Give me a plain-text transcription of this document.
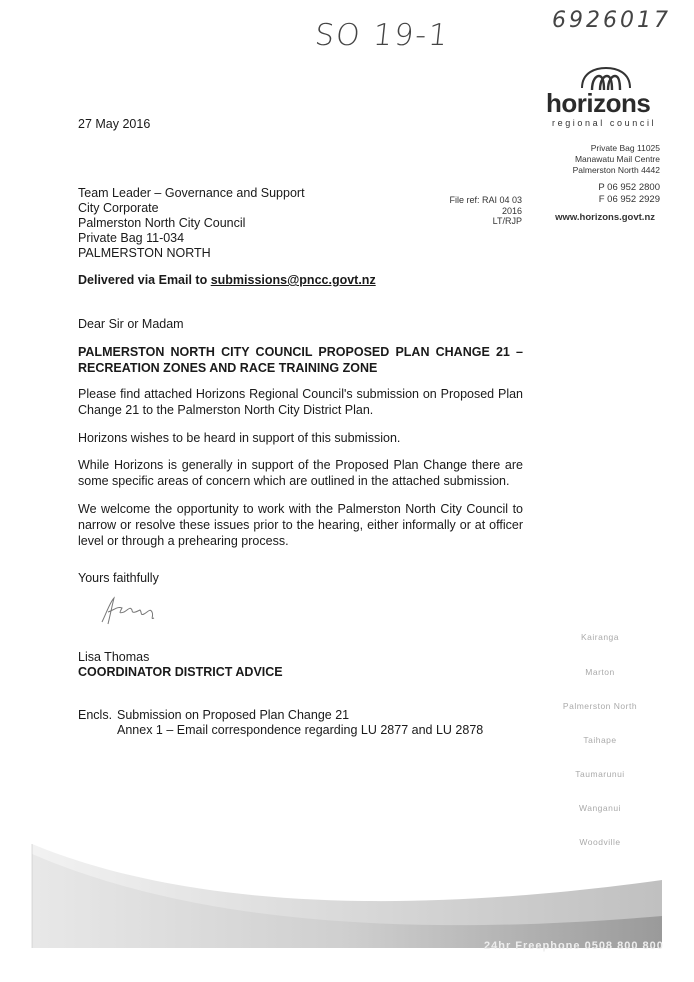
SO 19-1	6926017
horizons
regional council
Private Bag 11025
Manawatu Mail Centre
Palmerston North 4442
P 06 952 2800
F 06 952 2929
www.horizons.govt.nz
27 May 2016
Team Leader – Governance and Support
City Corporate
Palmerston North City Council
Private Bag 11-034
PALMERSTON NORTH
File ref: RAI 04 03
2016
LT/RJP
Delivered via Email to submissions@pncc.govt.nz
Dear Sir or Madam
PALMERSTON NORTH CITY COUNCIL PROPOSED PLAN CHANGE 21 – RECREATION ZONES AND RACE TRAINING ZONE
Please find attached Horizons Regional Council's submission on Proposed Plan Change 21 to the Palmerston North City District Plan.
Horizons wishes to be heard in support of this submission.
While Horizons is generally in support of the Proposed Plan Change there are some specific areas of concern which are outlined in the attached submission.
We welcome the opportunity to work with the Palmerston North City Council to narrow or resolve these issues prior to the hearing, either informally or at officer level or through a prehearing process.
Yours faithfully
Lisa Thomas
COORDINATOR DISTRICT ADVICE
Encls. Submission on Proposed Plan Change 21
Annex 1 – Email correspondence regarding LU 2877 and LU 2878
Kairanga
Marton
Palmerston North
Taihape
Taumarunui
Wanganui
Woodville
24hr Freephone 0508 800 800
